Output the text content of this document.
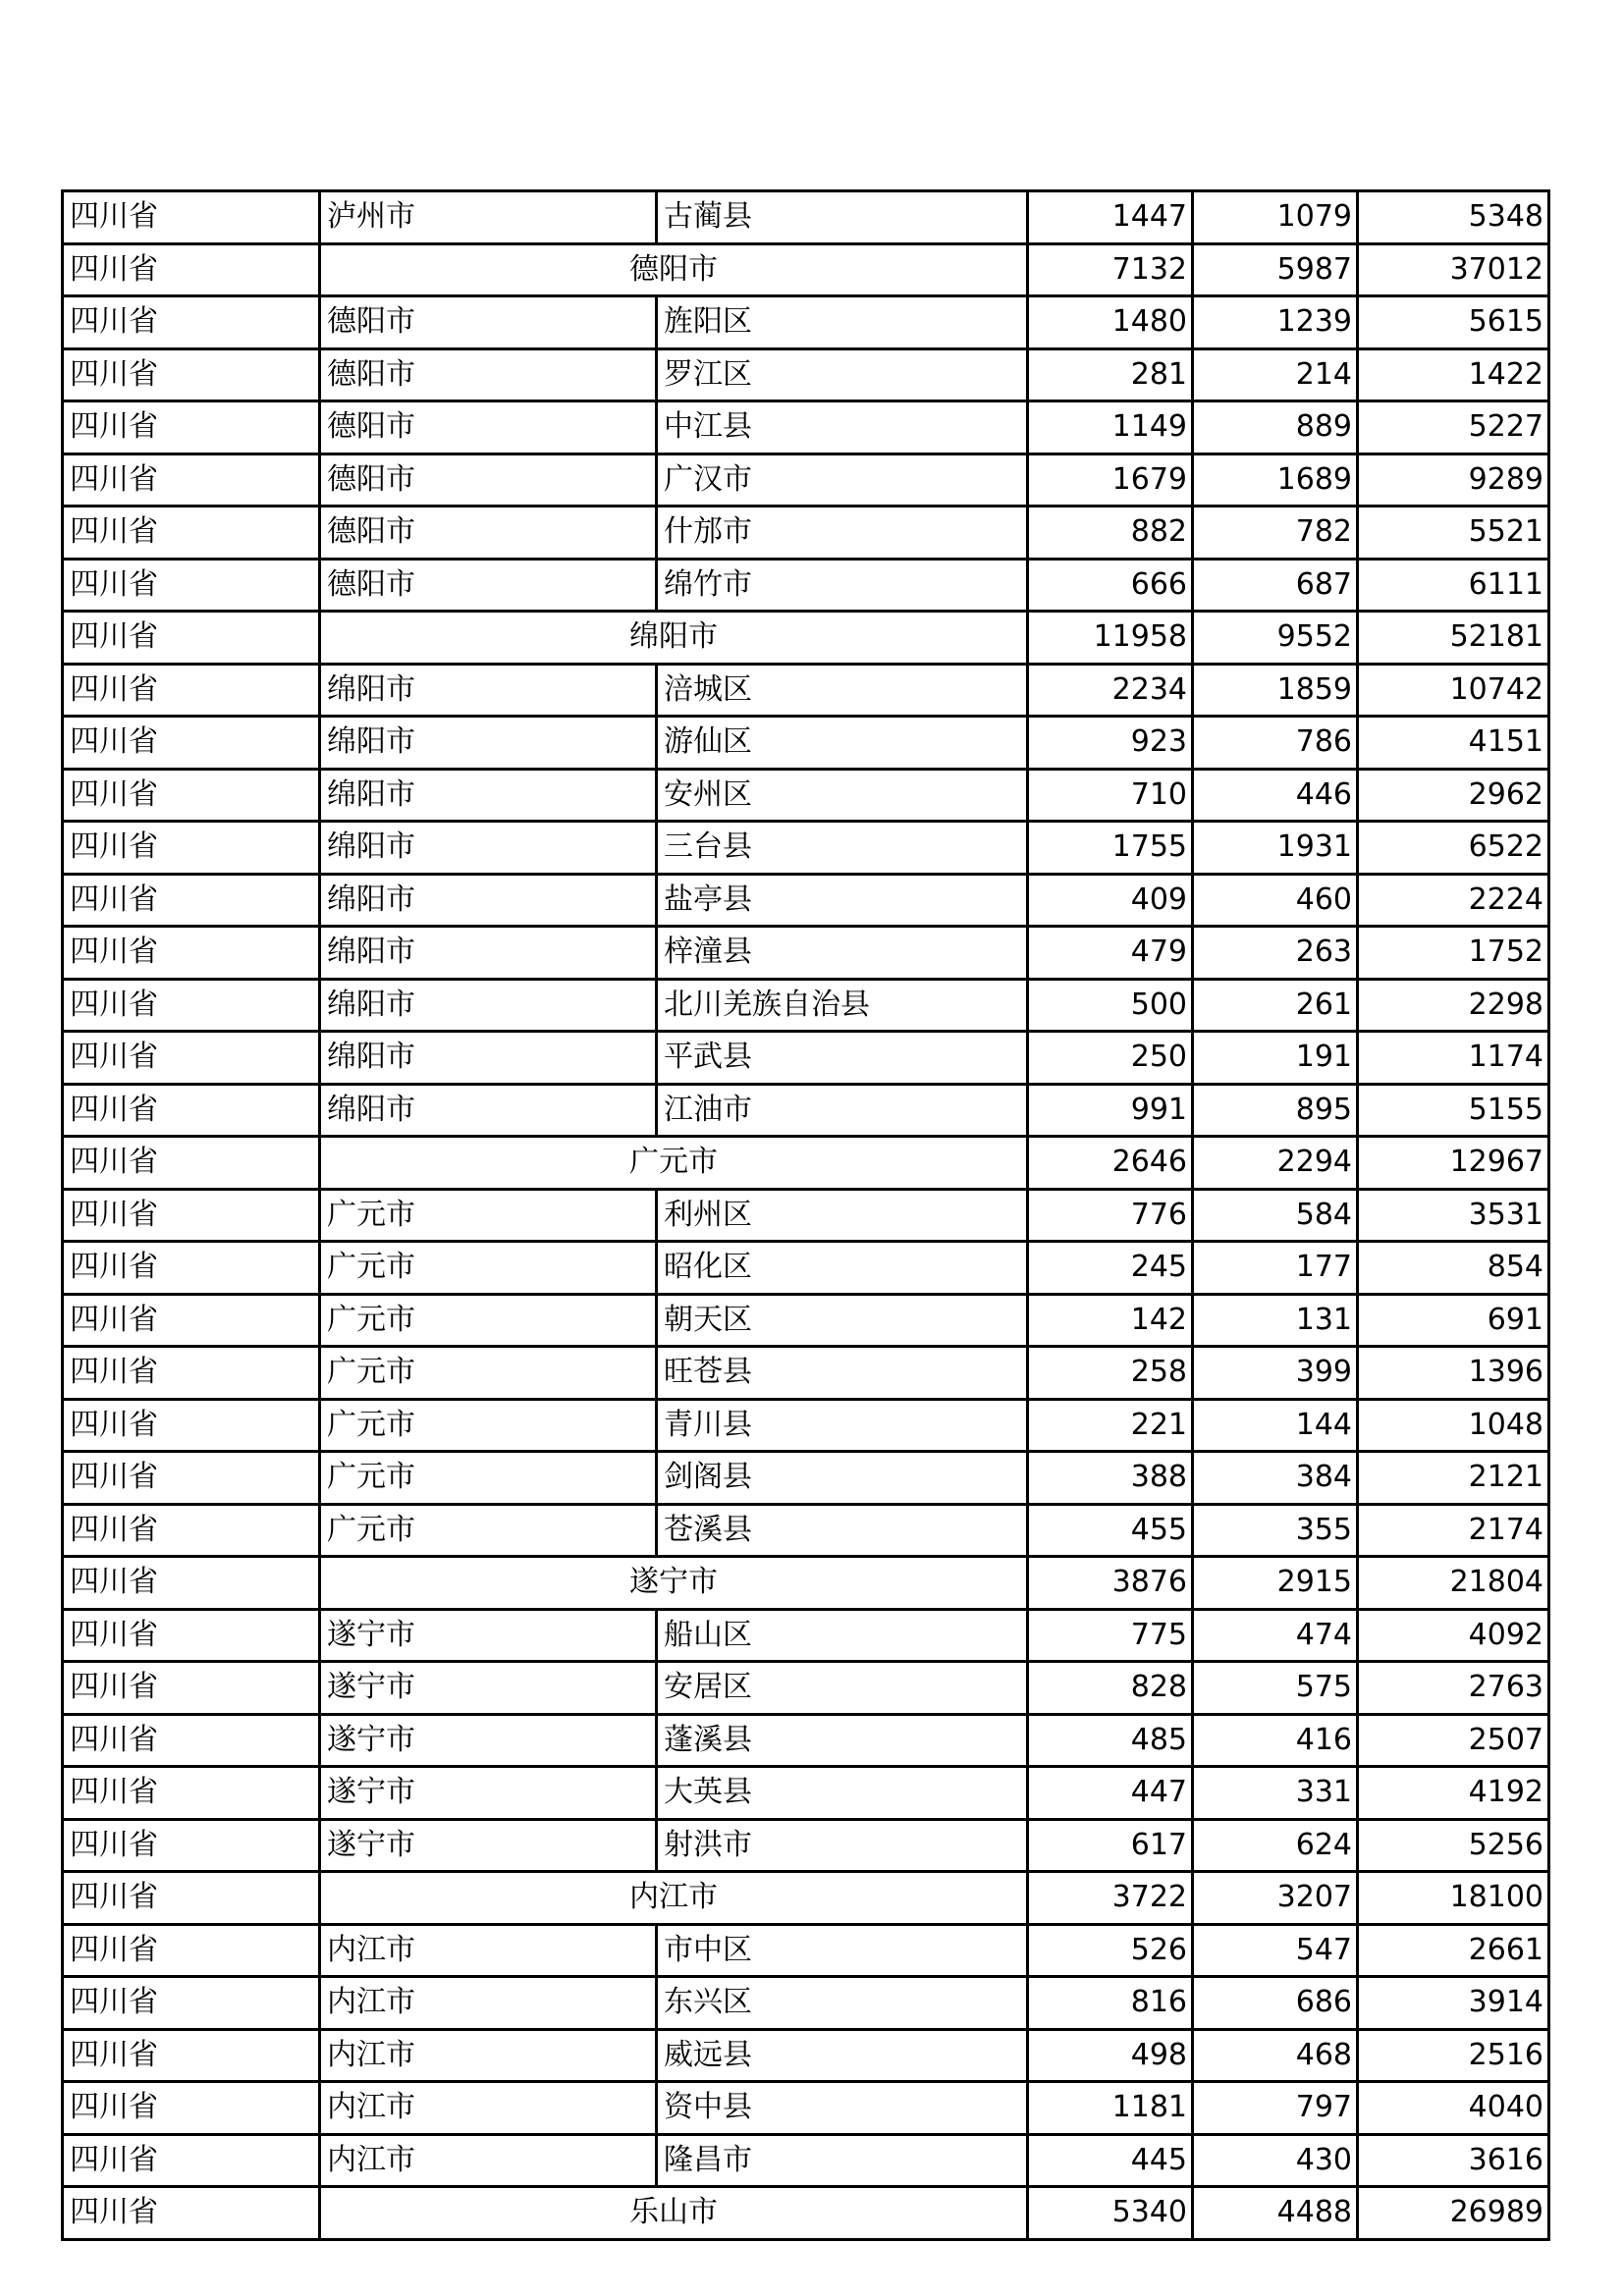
四川省	泸州市	古蔺县	1447	1079	5348
四川省	德阳市		7132	5987	37012
四川省	德阳市	旌阳区	1480	1239	5615
四川省	德阳市	罗江区	281	214	1422
四川省	德阳市	中江县	1149	889	5227
四川省	德阳市	广汉市	1679	1689	9289
四川省	德阳市	什邡市	882	782	5521
四川省	德阳市	绵竹市	666	687	6111
四川省	绵阳市		11958	9552	52181
四川省	绵阳市	涪城区	2234	1859	10742
四川省	绵阳市	游仙区	923	786	4151
四川省	绵阳市	安州区	710	446	2962
四川省	绵阳市	三台县	1755	1931	6522
四川省	绵阳市	盐亭县	409	460	2224
四川省	绵阳市	梓潼县	479	263	1752
四川省	绵阳市	北川羌族自治县	500	261	2298
四川省	绵阳市	平武县	250	191	1174
四川省	绵阳市	江油市	991	895	5155
四川省	广元市		2646	2294	12967
四川省	广元市	利州区	776	584	3531
四川省	广元市	昭化区	245	177	854
四川省	广元市	朝天区	142	131	691
四川省	广元市	旺苍县	258	399	1396
四川省	广元市	青川县	221	144	1048
四川省	广元市	剑阁县	388	384	2121
四川省	广元市	苍溪县	455	355	2174
四川省	遂宁市		3876	2915	21804
四川省	遂宁市	船山区	775	474	4092
四川省	遂宁市	安居区	828	575	2763
四川省	遂宁市	蓬溪县	485	416	2507
四川省	遂宁市	大英县	447	331	4192
四川省	遂宁市	射洪市	617	624	5256
四川省	内江市		3722	3207	18100
四川省	内江市	市中区	526	547	2661
四川省	内江市	东兴区	816	686	3914
四川省	内江市	威远县	498	468	2516
四川省	内江市	资中县	1181	797	4040
四川省	内江市	隆昌市	445	430	3616
四川省	乐山市		5340	4488	26989
